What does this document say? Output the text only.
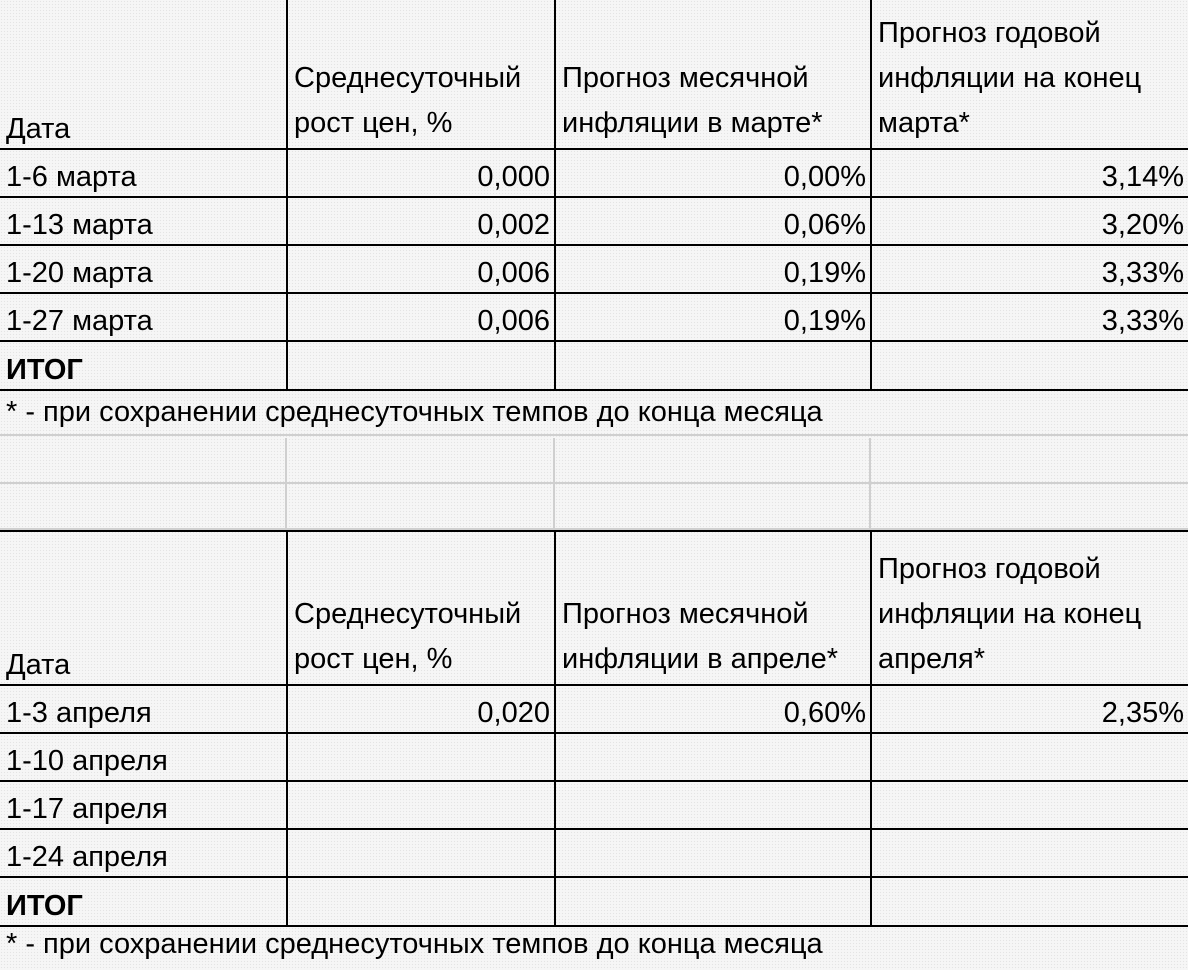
Дата	Среднесуточный рост цен, %	Прогноз месячной инфляции в марте*	Прогноз годовой инфляции на конец марта*
1-6 марта	0,000	0,00%	3,14%
1-13 марта	0,002	0,06%	3,20%
1-20 марта	0,006	0,19%	3,33%
1-27 марта	0,006	0,19%	3,33%
ИТОГ			
* - при сохранении среднесуточных темпов до конца месяца
Дата	Среднесуточный рост цен, %	Прогноз месячной инфляции в апреле*	Прогноз годовой инфляции на конец апреля*
1-3 апреля	0,020	0,60%	2,35%
1-10 апреля			
1-17 апреля			
1-24 апреля			
ИТОГ			
* - при сохранении среднесуточных темпов до конца месяца
